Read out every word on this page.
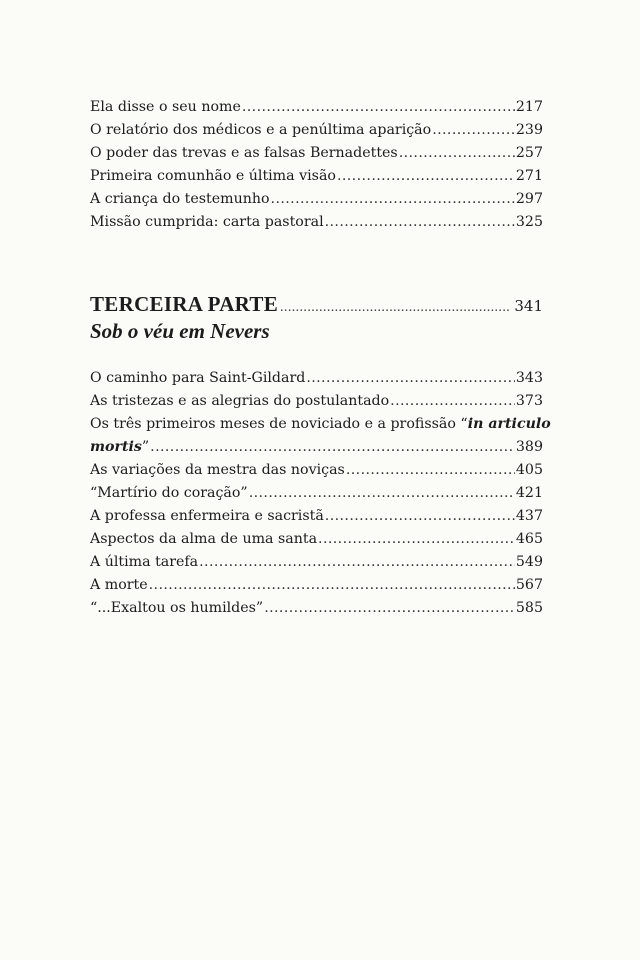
Ela disse o seu nome .....	217
O relatório dos médicos e a penúltima aparição .....	239
O poder das trevas e as falsas Bernadettes .....	257
Primeira comunhão e última visão .....	271
A criança do testemunho .....	297
Missão cumprida: carta pastoral .....	325
TERCEIRA PARTE .....	341
Sob o véu em Nevers
O caminho para Saint-Gildard .....	343
As tristezas e as alegrias do postulantado .....	373
Os três primeiros meses de noviciado e a profissão “in articulo
mortis” .....	389
As variações da mestra das noviças .....	405
“Martírio do coração” .....	421
A professa enfermeira e sacristã .....	437
Aspectos da alma de uma santa .....	465
A última tarefa .....	549
A morte .....	567
“...Exaltou os humildes” .....	585
